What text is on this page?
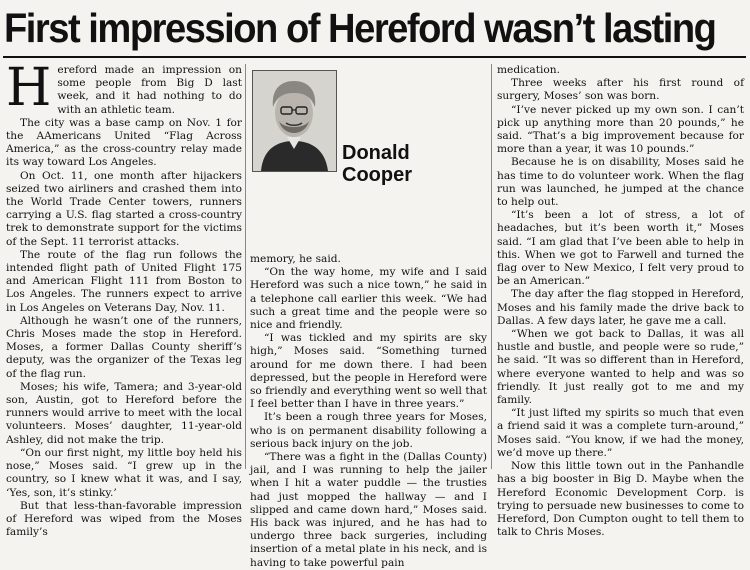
First impression of Hereford wasn’t lasting

Hereford made an impression on some people from Big D last week, and it had nothing to do with an athletic team.

The city was a base camp on Nov. 1 for the AAmericans United “Flag Across America,” as the cross-country relay made its way toward Los Angeles.

On Oct. 11, one month after hijackers seized two airliners and crashed them into the World Trade Center towers, runners carrying a U.S. flag started a cross-country trek to demonstrate support for the victims of the Sept. 11 terrorist attacks.

The route of the flag run follows the intended flight path of United Flight 175 and American Flight 111 from Boston to Los Angeles. The runners expect to arrive in Los Angeles on Veterans Day, Nov. 11.

Although he wasn’t one of the runners, Chris Moses made the stop in Hereford. Moses, a former Dallas County sheriff’s deputy, was the organizer of the Texas leg of the flag run.

Moses; his wife, Tamera; and 3-year-old son, Austin, got to Hereford before the runners would arrive to meet with the local volunteers. Moses’ daughter, 11-year-old Ashley, did not make the trip.

“On our first night, my little boy held his nose,” Moses said. “I grew up in the country, so I knew what it was, and I say, ‘Yes, son, it’s stinky.’

But that less-than-favorable impression of Hereford was wiped from the Moses family’s

Donald
Cooper

memory, he said.

“On the way home, my wife and I said Hereford was such a nice town,” he said in a telephone call earlier this week. “We had such a great time and the people were so nice and friendly.

“I was tickled and my spirits are sky high,” Moses said. “Something turned around for me down there. I had been depressed, but the people in Hereford were so friendly and everything went so well that I feel better than I have in three years.”

It’s been a rough three years for Moses, who is on permanent disability following a serious back injury on the job.

“There was a fight in the (Dallas County) jail, and I was running to help the jailer when I hit a water puddle — the trusties had just mopped the hallway — and I slipped and came down hard,” Moses said. His back was injured, and he has had to undergo three back surgeries, including insertion of a metal plate in his neck, and is having to take powerful pain

medication.

Three weeks after his first round of surgery, Moses’ son was born.

“I’ve never picked up my own son. I can’t pick up anything more than 20 pounds,” he said. “That’s a big improvement because for more than a year, it was 10 pounds.”

Because he is on disability, Moses said he has time to do volunteer work. When the flag run was launched, he jumped at the chance to help out.

“It’s been a lot of stress, a lot of headaches, but it’s been worth it,” Moses said. “I am glad that I’ve been able to help in this. When we got to Farwell and turned the flag over to New Mexico, I felt very proud to be an American.”

The day after the flag stopped in Hereford, Moses and his family made the drive back to Dallas. A few days later, he gave me a call.

“When we got back to Dallas, it was all hustle and bustle, and people were so rude,” he said. “It was so different than in Hereford, where everyone wanted to help and was so friendly. It just really got to me and my family.

“It just lifted my spirits so much that even a friend said it was a complete turn-around,” Moses said. “You know, if we had the money, we’d move up there.”

Now this little town out in the Panhandle has a big booster in Big D. Maybe when the Hereford Economic Development Corp. is trying to persuade new businesses to come to Hereford, Don Cumpton ought to tell them to talk to Chris Moses.
